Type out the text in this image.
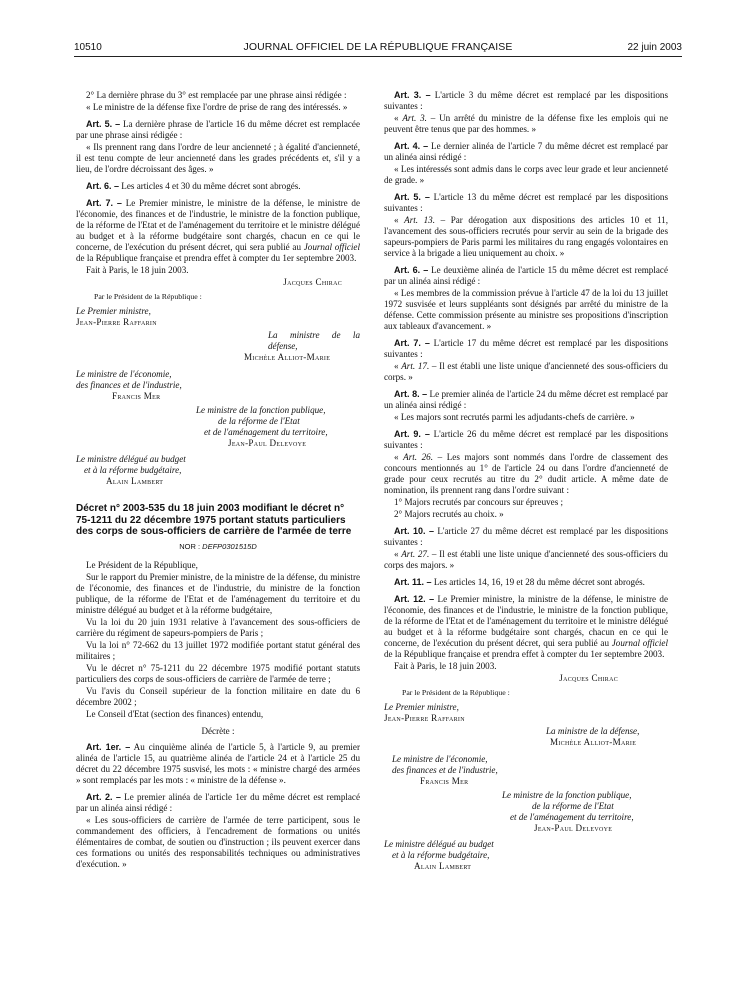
10510	JOURNAL OFFICIEL DE LA RÉPUBLIQUE FRANÇAISE	22 juin 2003

2° La dernière phrase du 3° est remplacée par une phrase ainsi rédigée :

« Le ministre de la défense fixe l'ordre de prise de rang des intéressés. »

Art. 5. – La dernière phrase de l'article 16 du même décret est remplacée par une phrase ainsi rédigée :

« Ils prennent rang dans l'ordre de leur ancienneté ; à égalité d'ancienneté, il est tenu compte de leur ancienneté dans les grades précédents et, s'il y a lieu, de l'ordre décroissant des âges. »

Art. 6. – Les articles 4 et 30 du même décret sont abrogés.

Art. 7. – Le Premier ministre, le ministre de la défense, le ministre de l'économie, des finances et de l'industrie, le ministre de la fonction publique, de la réforme de l'Etat et de l'aménagement du territoire et le ministre délégué au budget et à la réforme budgétaire sont chargés, chacun en ce qui le concerne, de l'exécution du présent décret, qui sera publié au Journal officiel de la République française et prendra effet à compter du 1er septembre 2003.

Fait à Paris, le 18 juin 2003.

Jacques Chirac
Par le Président de la République :
Le Premier ministre,
Jean-Pierre Raffarin
La ministre de la défense,
Michèle Alliot-Marie
Le ministre de l'économie,
des finances et de l'industrie,
Francis Mer
Le ministre de la fonction publique,
de la réforme de l'Etat
et de l'aménagement du territoire,
Jean-Paul Delevoye
Le ministre délégué au budget
et à la réforme budgétaire,
Alain Lambert
Décret n° 2003-535 du 18 juin 2003 modifiant le décret n° 75-1211 du 22 décembre 1975 portant statuts particuliers des corps de sous-officiers de carrière de l'armée de terre
NOR : DEFP0301515D

Le Président de la République,

Sur le rapport du Premier ministre, de la ministre de la défense, du ministre de l'économie, des finances et de l'industrie, du ministre de la fonction publique, de la réforme de l'Etat et de l'aménagement du territoire et du ministre délégué au budget et à la réforme budgétaire,

Vu la loi du 20 juin 1931 relative à l'avancement des sous-officiers de carrière du régiment de sapeurs-pompiers de Paris ;

Vu la loi n° 72-662 du 13 juillet 1972 modifiée portant statut général des militaires ;

Vu le décret n° 75-1211 du 22 décembre 1975 modifié portant statuts particuliers des corps de sous-officiers de carrière de l'armée de terre ;

Vu l'avis du Conseil supérieur de la fonction militaire en date du 6 décembre 2002 ;

Le Conseil d'Etat (section des finances) entendu,

Décrète :

Art. 1er. – Au cinquième alinéa de l'article 5, à l'article 9, au premier alinéa de l'article 15, au quatrième alinéa de l'article 24 et à l'article 25 du décret du 22 décembre 1975 susvisé, les mots : « ministre chargé des armées » sont remplacés par les mots : « ministre de la défense ».

Art. 2. – Le premier alinéa de l'article 1er du même décret est remplacé par un alinéa ainsi rédigé :

« Les sous-officiers de carrière de l'armée de terre participent, sous le commandement des officiers, à l'encadrement de formations ou unités élémentaires de combat, de soutien ou d'instruction ; ils peuvent exercer dans ces formations ou unités des responsabilités techniques ou administratives d'exécution. »

Art. 3. – L'article 3 du même décret est remplacé par les dispositions suivantes :

« Art. 3. – Un arrêté du ministre de la défense fixe les emplois qui ne peuvent être tenus que par des hommes. »

Art. 4. – Le dernier alinéa de l'article 7 du même décret est remplacé par un alinéa ainsi rédigé :

« Les intéressés sont admis dans le corps avec leur grade et leur ancienneté de grade. »

Art. 5. – L'article 13 du même décret est remplacé par les dispositions suivantes :

« Art. 13. – Par dérogation aux dispositions des articles 10 et 11, l'avancement des sous-officiers recrutés pour servir au sein de la brigade des sapeurs-pompiers de Paris parmi les militaires du rang engagés volontaires en service à la brigade a lieu uniquement au choix. »

Art. 6. – Le deuxième alinéa de l'article 15 du même décret est remplacé par un alinéa ainsi rédigé :

« Les membres de la commission prévue à l'article 47 de la loi du 13 juillet 1972 susvisée et leurs suppléants sont désignés par arrêté du ministre de la défense. Cette commission présente au ministre ses propositions d'inscription aux tableaux d'avancement. »

Art. 7. – L'article 17 du même décret est remplacé par les dispositions suivantes :

« Art. 17. – Il est établi une liste unique d'ancienneté des sous-officiers du corps. »

Art. 8. – Le premier alinéa de l'article 24 du même décret est remplacé par un alinéa ainsi rédigé :

« Les majors sont recrutés parmi les adjudants-chefs de carrière. »

Art. 9. – L'article 26 du même décret est remplacé par les dispositions suivantes :

« Art. 26. – Les majors sont nommés dans l'ordre de classement des concours mentionnés au 1° de l'article 24 ou dans l'ordre d'ancienneté de grade pour ceux recrutés au titre du 2° dudit article. A même date de nomination, ils prennent rang dans l'ordre suivant :

1° Majors recrutés par concours sur épreuves ;

2° Majors recrutés au choix. »

Art. 10. – L'article 27 du même décret est remplacé par les dispositions suivantes :

« Art. 27. – Il est établi une liste unique d'ancienneté des sous-officiers du corps des majors. »

Art. 11. – Les articles 14, 16, 19 et 28 du même décret sont abrogés.

Art. 12. – Le Premier ministre, la ministre de la défense, le ministre de l'économie, des finances et de l'industrie, le ministre de la fonction publique, de la réforme de l'Etat et de l'aménagement du territoire et le ministre délégué au budget et à la réforme budgétaire sont chargés, chacun en ce qui le concerne, de l'exécution du présent décret, qui sera publié au Journal officiel de la République française et prendra effet à compter du 1er septembre 2003.

Fait à Paris, le 18 juin 2003.

Jacques Chirac
Par le Président de la République :
Le Premier ministre,
Jean-Pierre Raffarin
La ministre de la défense,
Michèle Alliot-Marie
Le ministre de l'économie,
des finances et de l'industrie,
Francis Mer
Le ministre de la fonction publique,
de la réforme de l'Etat
et de l'aménagement du territoire,
Jean-Paul Delevoye
Le ministre délégué au budget
et à la réforme budgétaire,
Alain Lambert
